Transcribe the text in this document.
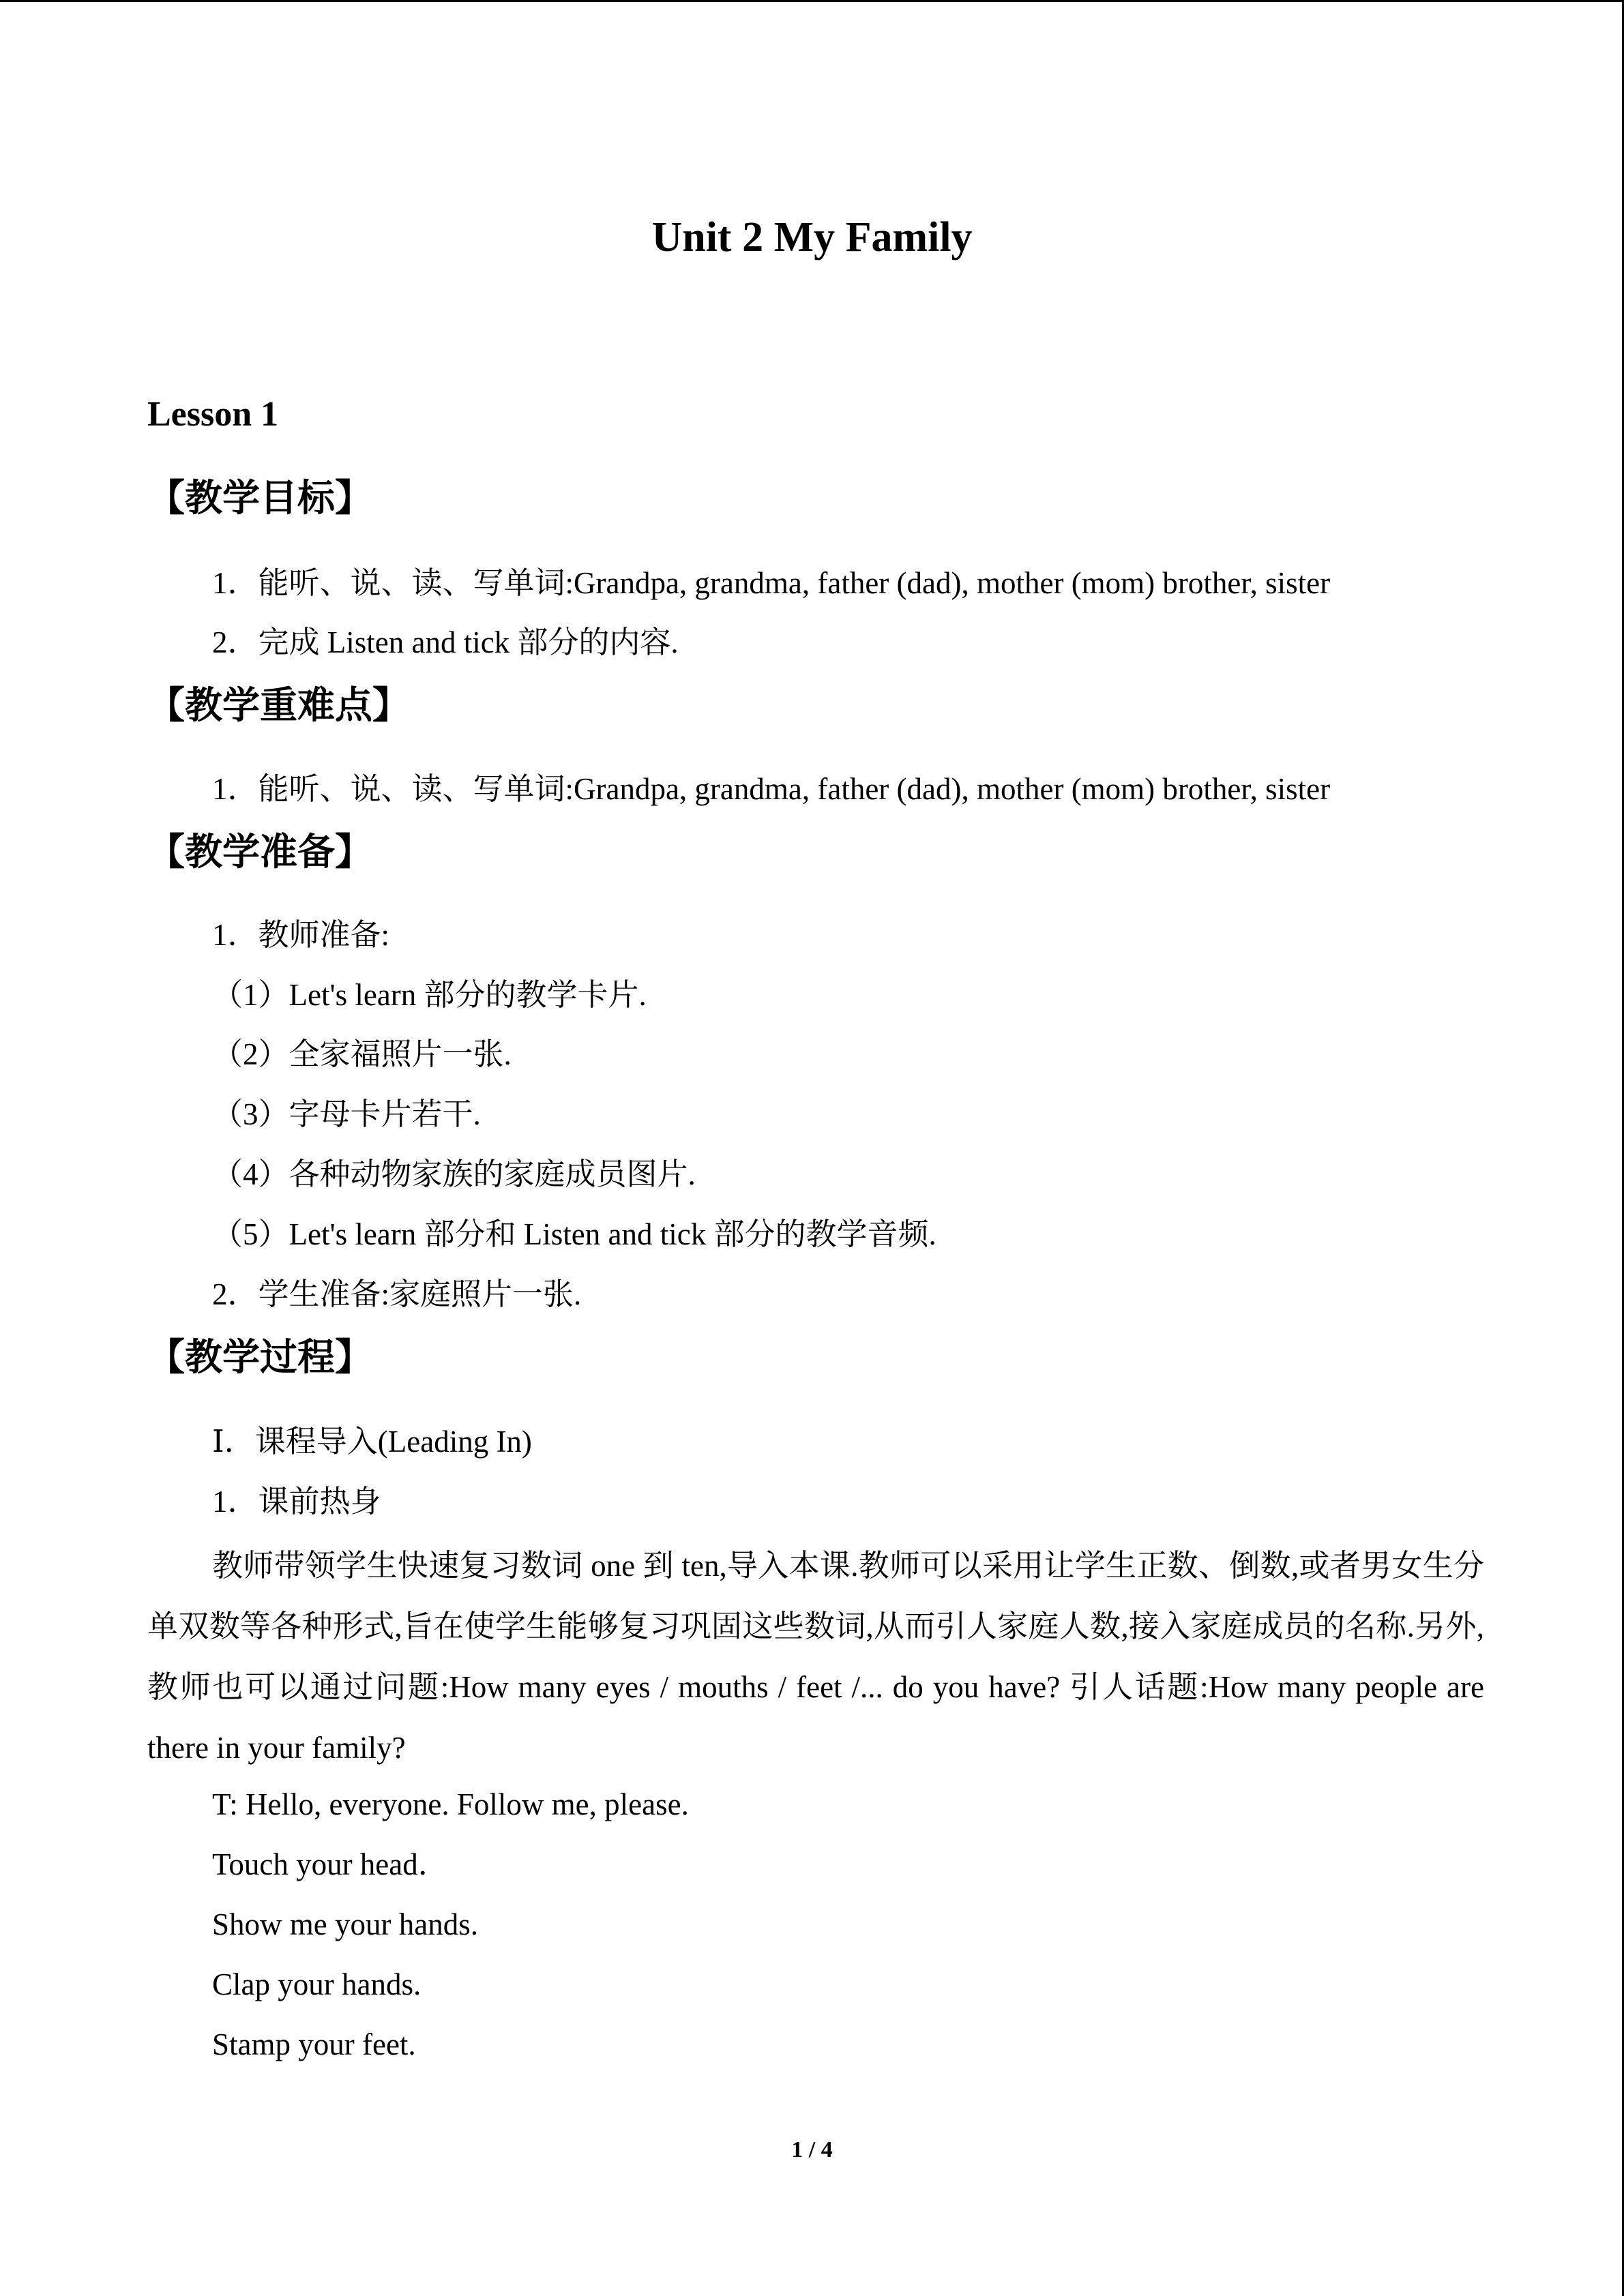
Unit 2 My Family
Lesson 1
【教学目标】
1．能听、说、读、写单词:Grandpa, grandma, father (dad), mother (mom) brother, sister
2．完成 Listen and tick 部分的内容.
【教学重难点】
1．能听、说、读、写单词:Grandpa, grandma, father (dad), mother (mom) brother, sister
【教学准备】
1．教师准备:
（1）Let's learn 部分的教学卡片.
（2）全家福照片一张.
（3）字母卡片若干.
（4）各种动物家族的家庭成员图片.
（5）Let's learn 部分和 Listen and tick 部分的教学音频.
2．学生准备:家庭照片一张.
【教学过程】
Ⅰ．课程导入(Leading In)
1．课前热身
教师带领学生快速复习数词 one 到 ten,导入本课.教师可以采用让学生正数、倒数,或者男女生分单双数等各种形式,旨在使学生能够复习巩固这些数词,从而引人家庭人数,接入家庭成员的名称.另外,教师也可以通过问题:How many eyes / mouths / feet /... do you have? 引人话题:How many people are there in your family?
T: Hello, everyone. Follow me, please.
Touch your head．
Show me your hands.
Clap your hands.
Stamp your feet.
1 / 4
